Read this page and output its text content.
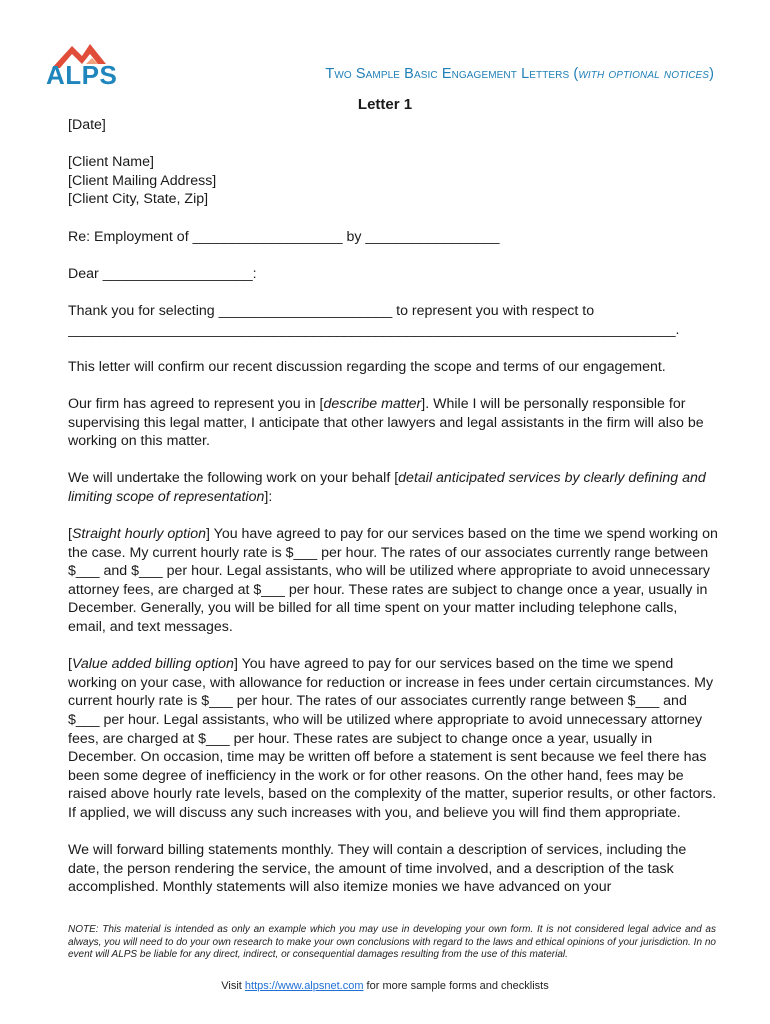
ALPS	Two Sample Basic Engagement Letters (with optional notices)
Letter 1

[Date]

[Client Name]
[Client Mailing Address]
[Client City, State, Zip]

Re: Employment of ___________________ by _________________

Dear ___________________:

Thank you for selecting ______________________ to represent you with respect to
_____________________________________________________________________________.

This letter will confirm our recent discussion regarding the scope and terms of our engagement.

Our firm has agreed to represent you in [describe matter]. While I will be personally responsible for supervising this legal matter, I anticipate that other lawyers and legal assistants in the firm will also be working on this matter.

We will undertake the following work on your behalf [detail anticipated services by clearly defining and limiting scope of representation]:

[Straight hourly option] You have agreed to pay for our services based on the time we spend working on the case. My current hourly rate is $___ per hour. The rates of our associates currently range between $___ and $___ per hour. Legal assistants, who will be utilized where appropriate to avoid unnecessary attorney fees, are charged at $___ per hour. These rates are subject to change once a year, usually in December. Generally, you will be billed for all time spent on your matter including telephone calls, email, and text messages.

[Value added billing option] You have agreed to pay for our services based on the time we spend working on your case, with allowance for reduction or increase in fees under certain circumstances. My current hourly rate is $___ per hour. The rates of our associates currently range between $___ and $___ per hour. Legal assistants, who will be utilized where appropriate to avoid unnecessary attorney fees, are charged at $___ per hour. These rates are subject to change once a year, usually in December. On occasion, time may be written off before a statement is sent because we feel there has been some degree of inefficiency in the work or for other reasons. On the other hand, fees may be raised above hourly rate levels, based on the complexity of the matter, superior results, or other factors. If applied, we will discuss any such increases with you, and believe you will find them appropriate.

We will forward billing statements monthly. They will contain a description of services, including the date, the person rendering the service, the amount of time involved, and a description of the task accomplished. Monthly statements will also itemize monies we have advanced on your

NOTE: This material is intended as only an example which you may use in developing your own form. It is not considered legal advice and as always, you will need to do your own research to make your own conclusions with regard to the laws and ethical opinions of your jurisdiction. In no event will ALPS be liable for any direct, indirect, or consequential damages resulting from the use of this material.
Visit https://www.alpsnet.com for more sample forms and checklists
